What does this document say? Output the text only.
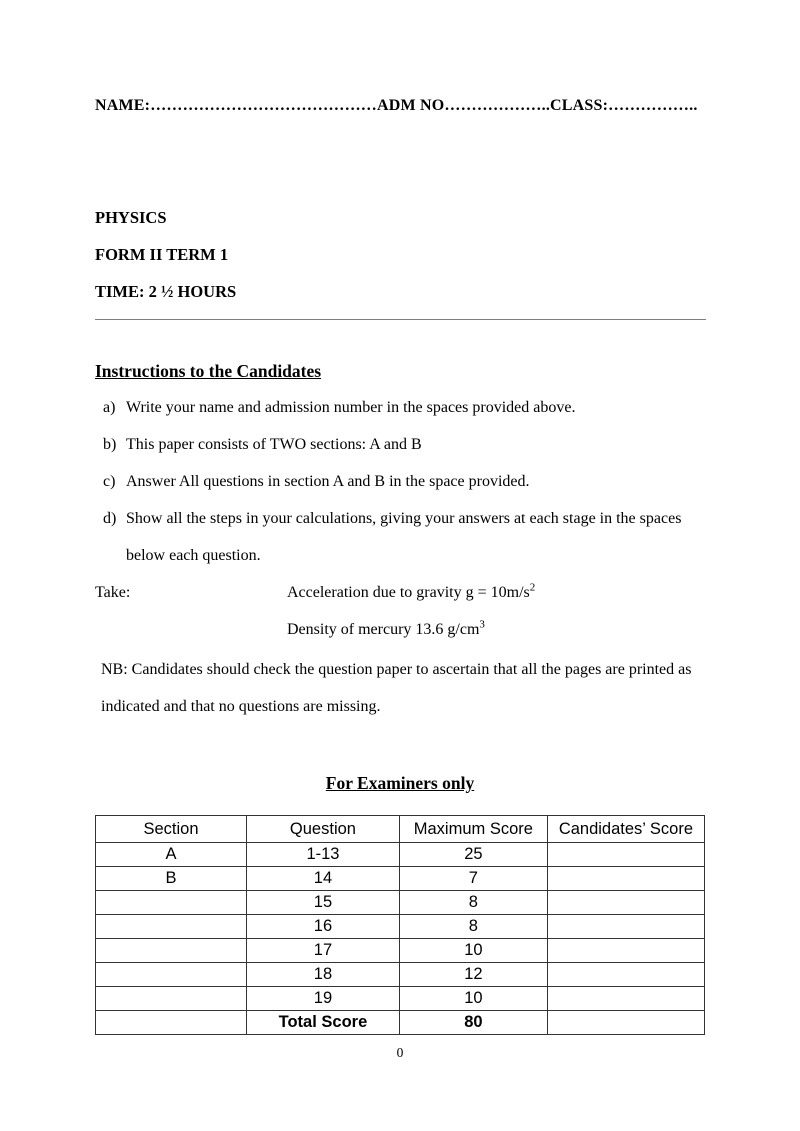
NAME:……………………………………ADM NO………………..CLASS:……………..

PHYSICS

FORM II TERM 1

TIME: 2 ½ HOURS

Instructions to the Candidates
a) Write your name and admission number in the spaces provided above.
b) This paper consists of TWO sections: A and B
c) Answer All questions in section A and B in the space provided.
d) Show all the steps in your calculations, giving your answers at each stage in the spaces
below each question.
Take:	Acceleration due to gravity $g = 10m/s^2$
Density of mercury 13.6 $g/cm^3$
NB: Candidates should check the question paper to ascertain that all the pages are printed as
indicated and that no questions are missing.
For Examiners only
Section	Question	Maximum Score	Candidates’ Score
A	1-13	25	
B	14	7	
	15	8	
	16	8	
	17	10	
	18	12	
	19	10	
	Total Score	80	
0
